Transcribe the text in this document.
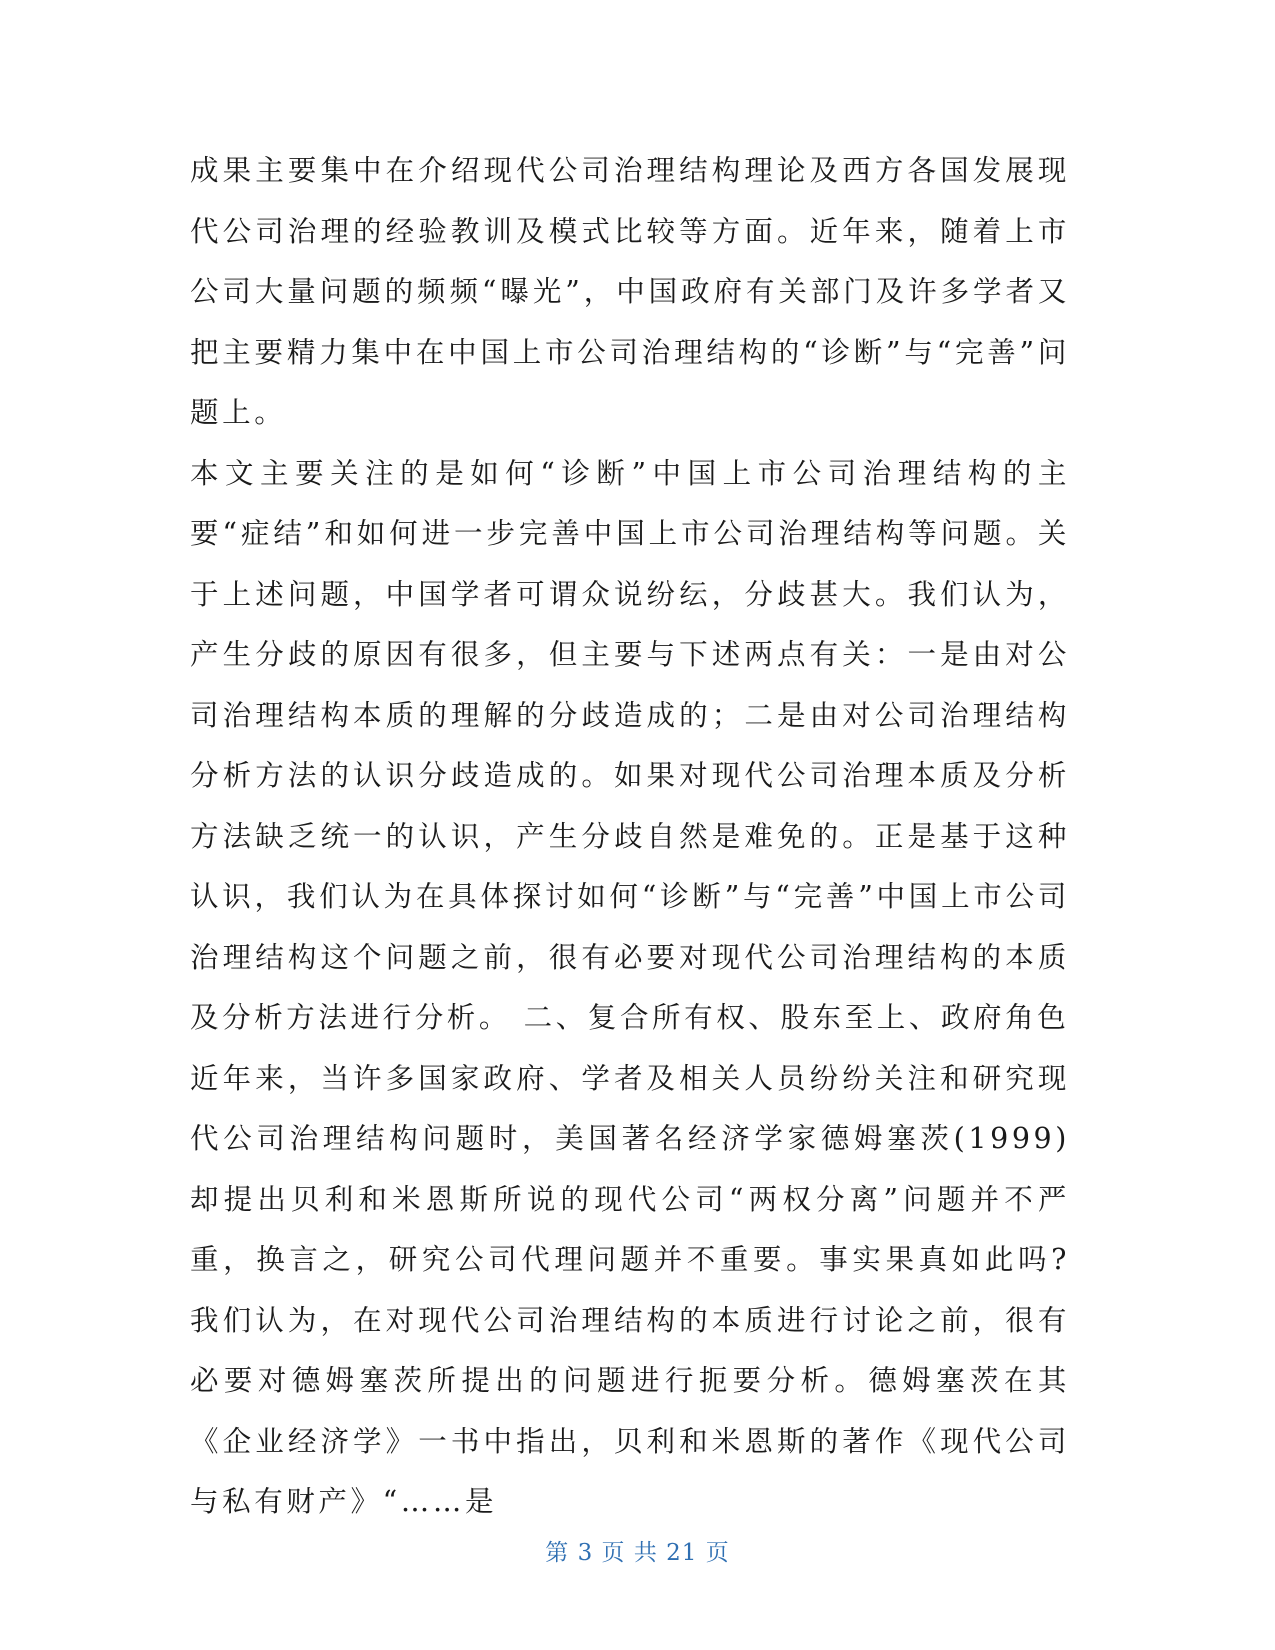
成果主要集中在介绍现代公司治理结构理论及西方各国发展现代公司治理的经验教训及模式比较等方面。近年来，随着上市公司大量问题的频频“曝光”，中国政府有关部门及许多学者又把主要精力集中在中国上市公司治理结构的“诊断”与“完善”问题上。

本文主要关注的是如何“诊断”中国上市公司治理结构的主要“症结”和如何进一步完善中国上市公司治理结构等问题。关于上述问题，中国学者可谓众说纷纭，分歧甚大。我们认为，产生分歧的原因有很多，但主要与下述两点有关：一是由对公司治理结构本质的理解的分歧造成的；二是由对公司治理结构分析方法的认识分歧造成的。如果对现代公司治理本质及分析方法缺乏统一的认识，产生分歧自然是难免的。正是基于这种认识，我们认为在具体探讨如何“诊断”与“完善”中国上市公司治理结构这个问题之前，很有必要对现代公司治理结构的本质及分析方法进行分析。 二、复合所有权、股东至上、政府角色

近年来，当许多国家政府、学者及相关人员纷纷关注和研究现代公司治理结构问题时，美国著名经济学家德姆塞茨(1999)却提出贝利和米恩斯所说的现代公司“两权分离”问题并不严重，换言之，研究公司代理问题并不重要。事实果真如此吗?我们认为，在对现代公司治理结构的本质进行讨论之前，很有必要对德姆塞茨所提出的问题进行扼要分析。德姆塞茨在其《企业经济学》一书中指出，贝利和米恩斯的著作《现代公司与私有财产》“……是

第 3 页 共 21 页
